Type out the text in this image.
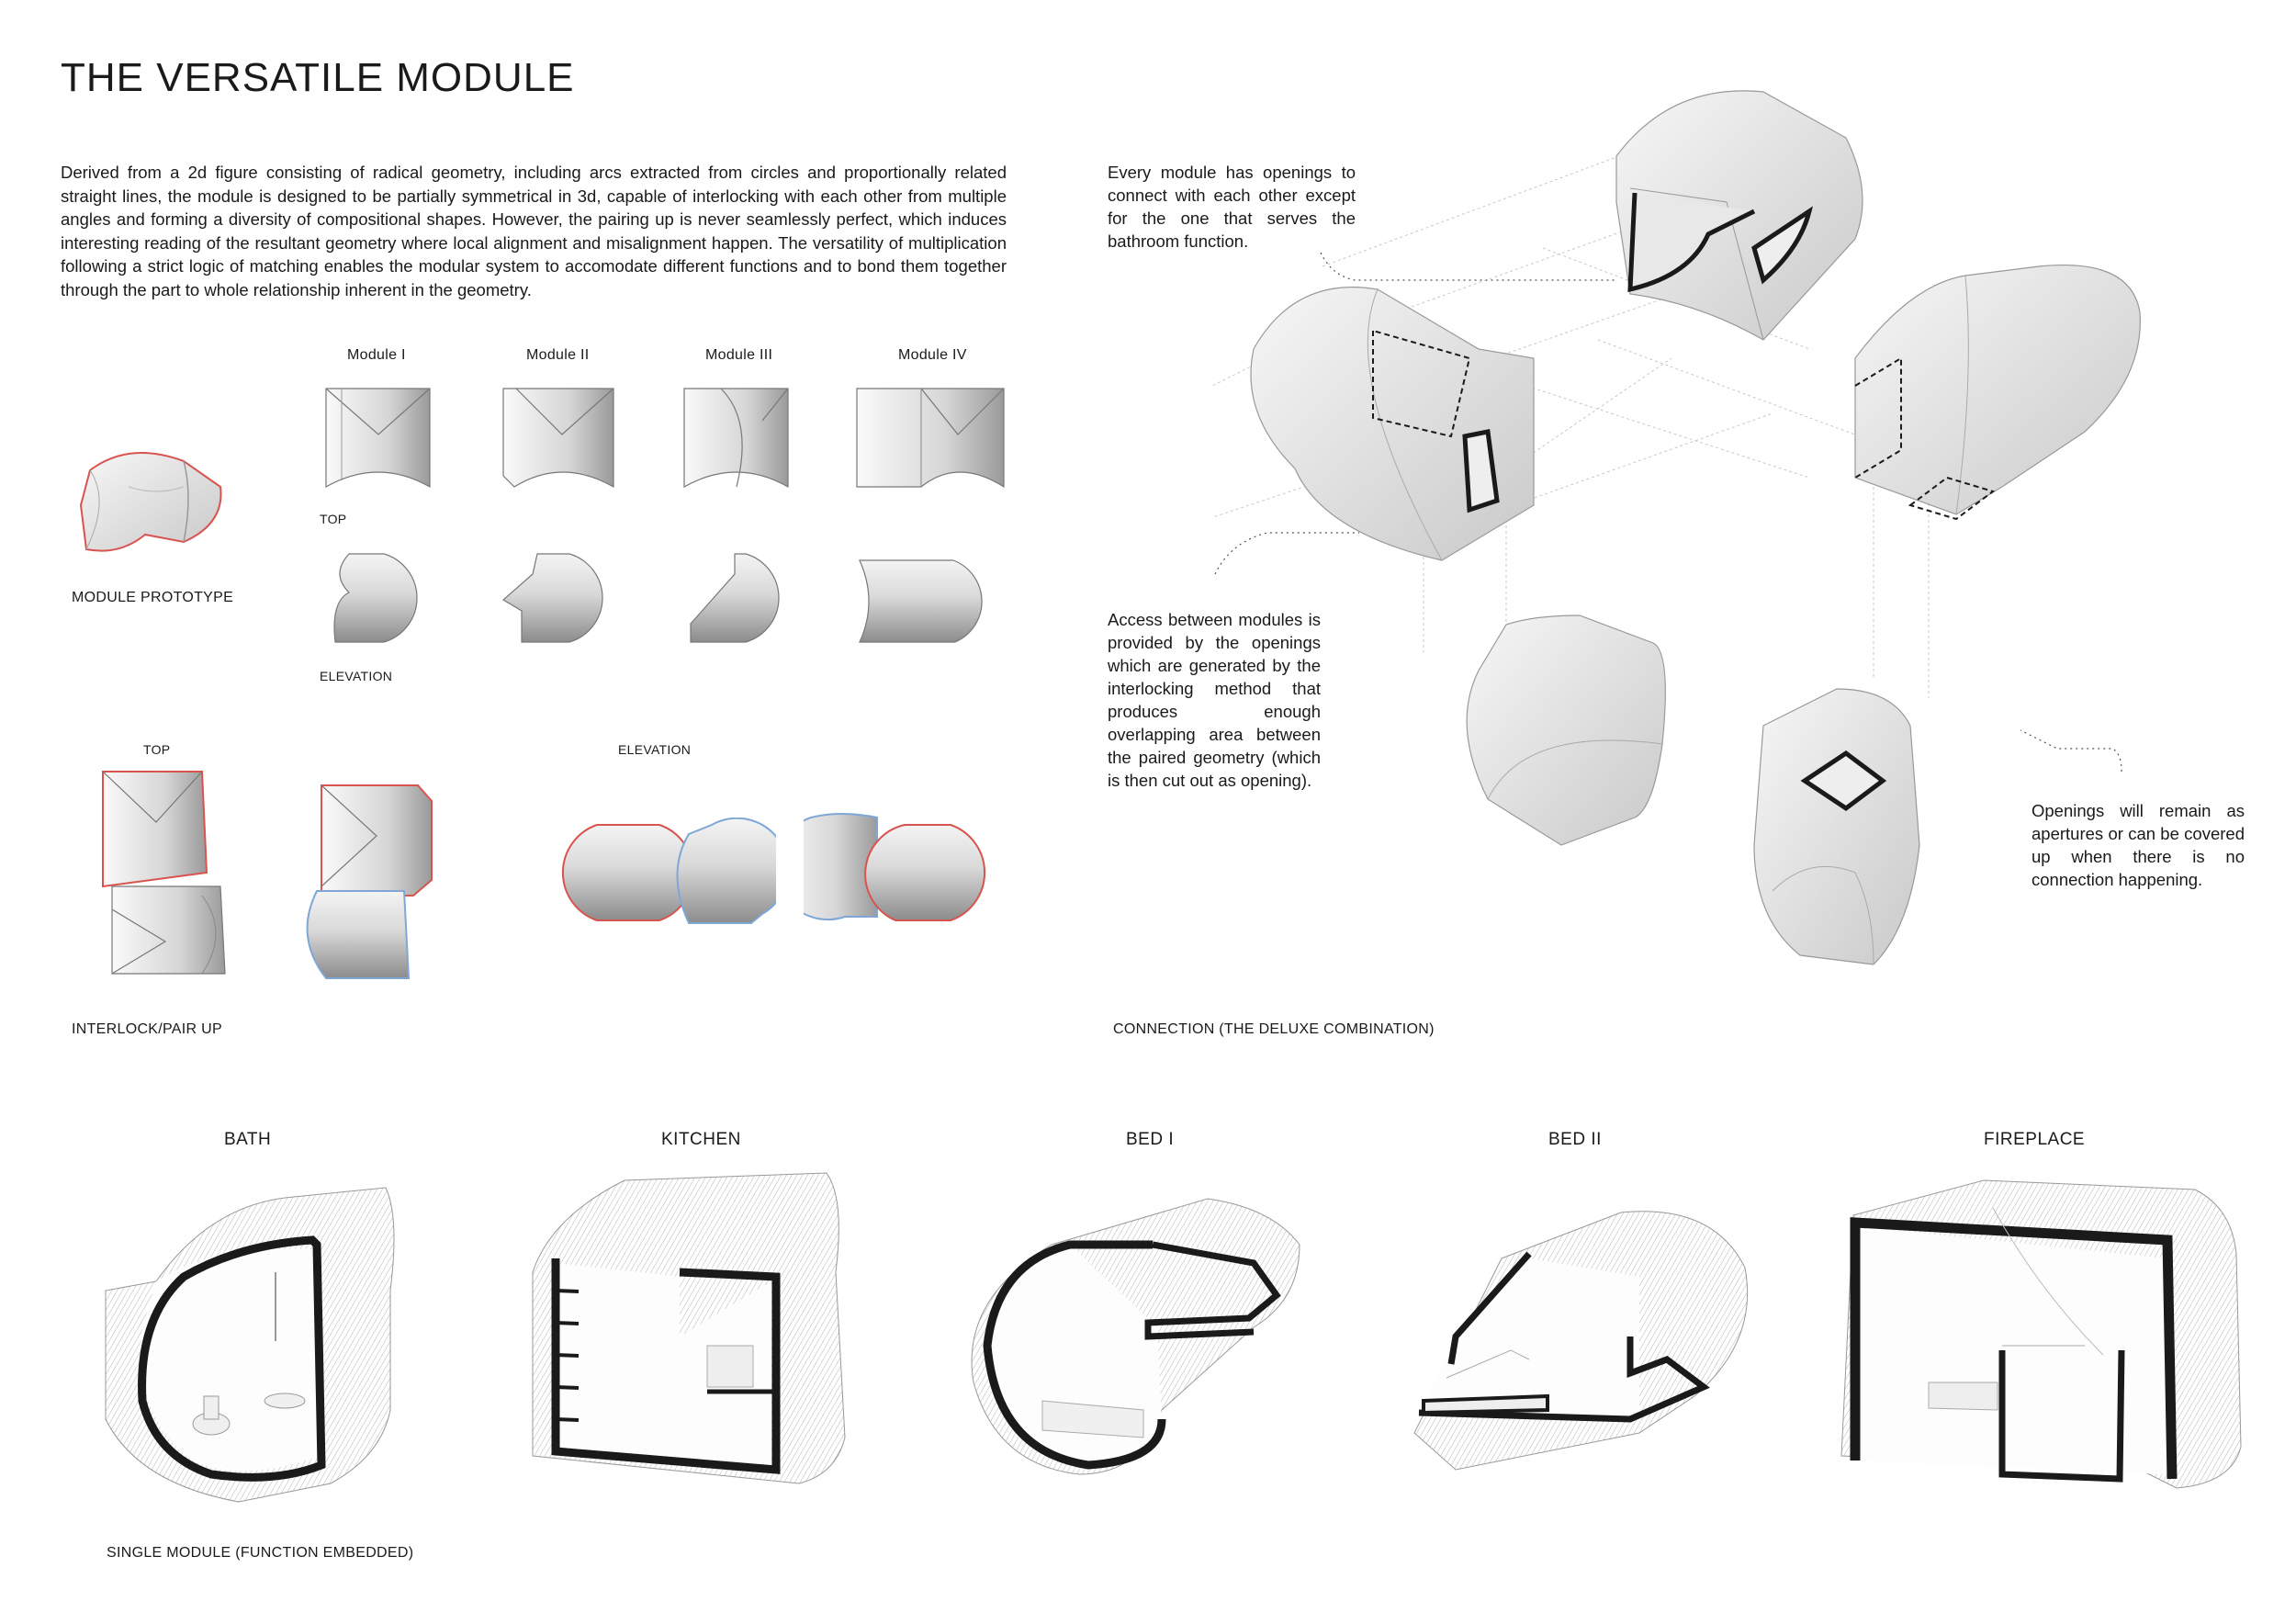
THE VERSATILE MODULE
Derived from a 2d figure consisting of radical geometry, including arcs extracted from circles and proportionally related straight lines, the module is designed to be partially symmetrical in 3d, capable of interlocking with each other from multiple angles and forming a diversity of compositional shapes. However, the pairing up is never seamlessly perfect, which induces interesting reading of the resultant geometry where local alignment and misalignment happen. The versatility of multiplication following a strict logic of matching enables the modular system to accomodate different functions and to bond them together through the part to whole relationship inherent in the geometry.
Module I	Module II	Module III	Module IV
TOP
ELEVATION
MODULE PROTOTYPE
TOP	ELEVATION
INTERLOCK/PAIR UP
Every module has openings to connect with each other except for the one that serves the bathroom function.
Access between modules is provided by the openings which are generated by the interlocking method that produces enough overlapping area between the paired geometry (which is then cut out as opening).
Openings will remain as apertures or can be covered up when there is no connection happening.
CONNECTION (THE DELUXE COMBINATION)
BATH	KITCHEN	BED I	BED II	FIREPLACE
SINGLE MODULE (FUNCTION EMBEDDED)
